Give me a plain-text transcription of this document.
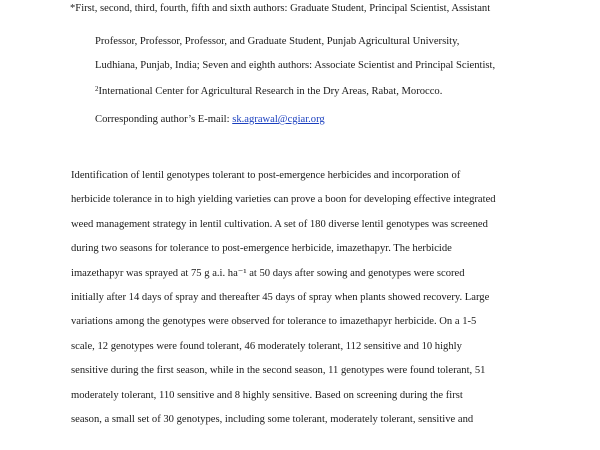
*First, second, third, fourth, fifth and sixth authors: Graduate Student, Principal Scientist, Assistant
Professor, Professor, Professor, and Graduate Student, Punjab Agricultural University,
Ludhiana, Punjab, India; Seven and eighth authors: Associate Scientist and Principal Scientist,
$^2$International Center for Agricultural Research in the Dry Areas, Rabat, Morocco.
Corresponding author’s E-mail: sk.agrawal@cgiar.org
Identification of lentil genotypes tolerant to post-emergence herbicides and incorporation of
herbicide tolerance in to high yielding varieties can prove a boon for developing effective integrated
weed management strategy in lentil cultivation. A set of 180 diverse lentil genotypes was screened
during two seasons for tolerance to post-emergence herbicide, imazethapyr. The herbicide
imazethapyr was sprayed at 75 g a.i. ha⁻¹ at 50 days after sowing and genotypes were scored
initially after 14 days of spray and thereafter 45 days of spray when plants showed recovery. Large
variations among the genotypes were observed for tolerance to imazethapyr herbicide. On a 1-5
scale, 12 genotypes were found tolerant, 46 moderately tolerant, 112 sensitive and 10 highly
sensitive during the first season, while in the second season, 11 genotypes were found tolerant, 51
moderately tolerant, 110 sensitive and 8 highly sensitive. Based on screening during the first
season, a small set of 30 genotypes, including some tolerant, moderately tolerant, sensitive and
